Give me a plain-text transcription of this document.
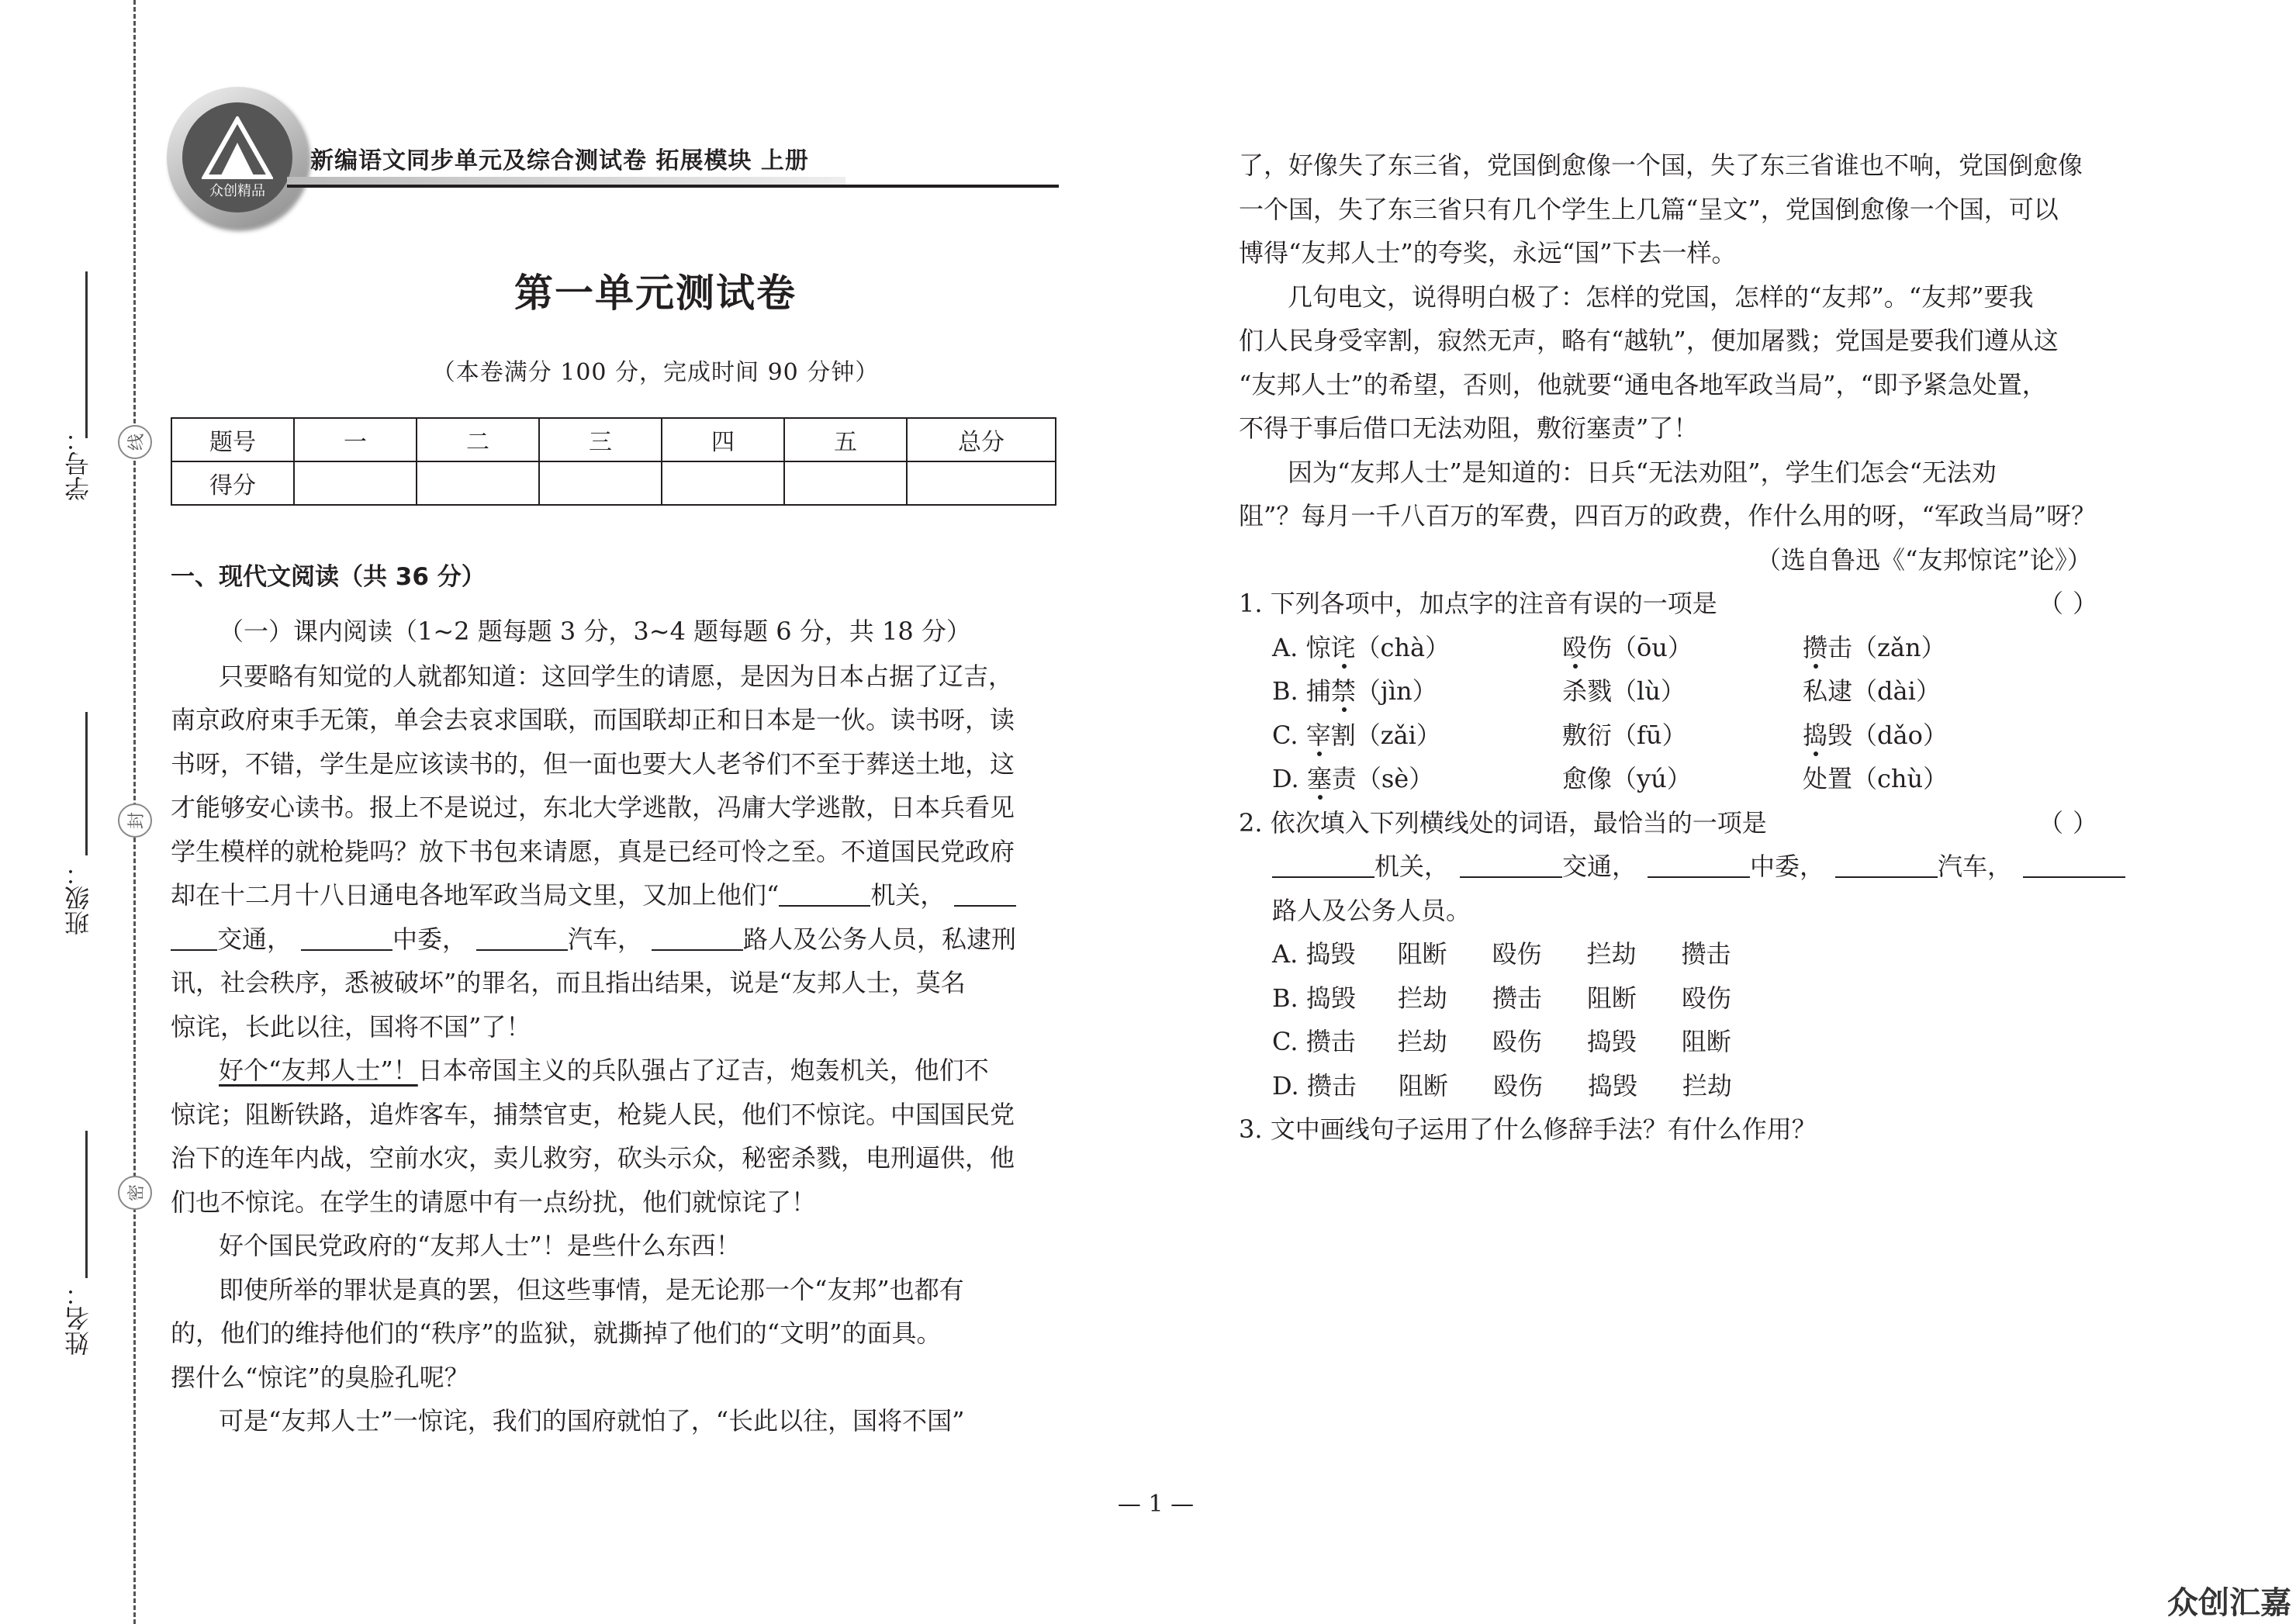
学号：	线
班级：
封
姓名：
密
众创精品
新编语文同步单元及综合测试卷 拓展模块 上册
第一单元测试卷
（本卷满分 100 分，完成时间 90 分钟）
题号	一	二	三	四	五	总分
得分						
一、现代文阅读（共 36 分）
（一）课内阅读（1~2 题每题 3 分，3~4 题每题 6 分，共 18 分）
只要略有知觉的人就都知道：这回学生的请愿，是因为日本占据了辽吉，
南京政府束手无策，单会去哀求国联，而国联却正和日本是一伙。读书呀，读
书呀，不错，学生是应该读书的，但一面也要大人老爷们不至于葬送土地，这
才能够安心读书。报上不是说过，东北大学逃散，冯庸大学逃散，日本兵看见
学生模样的就枪毙吗？放下书包来请愿，真是已经可怜之至。不道国民党政府
却在十二月十八日通电各地军政当局文里，又加上他们“	机关，
交通，	中委，	汽车，	路人及公务人员，私逮刑
讯，社会秩序，悉被破坏”的罪名，而且指出结果，说是“友邦人士，莫名
惊诧，长此以往，国将不国”了！
好个“友邦人士”！日本帝国主义的兵队强占了辽吉，炮轰机关，他们不
惊诧；阻断铁路，追炸客车，捕禁官吏，枪毙人民，他们不惊诧。中国国民党
治下的连年内战，空前水灾，卖儿救穷，砍头示众，秘密杀戮，电刑逼供，他
们也不惊诧。在学生的请愿中有一点纷扰，他们就惊诧了！
好个国民党政府的“友邦人士”！是些什么东西！
即使所举的罪状是真的罢，但这些事情，是无论那一个“友邦”也都有
的，他们的维持他们的“秩序”的监狱，就撕掉了他们的“文明”的面具。
摆什么“惊诧”的臭脸孔呢？
可是“友邦人士”一惊诧，我们的国府就怕了，“长此以往，国将不国”
了，好像失了东三省，党国倒愈像一个国，失了东三省谁也不响，党国倒愈像
一个国，失了东三省只有几个学生上几篇“呈文”，党国倒愈像一个国，可以
博得“友邦人士”的夸奖，永远“国”下去一样。
几句电文，说得明白极了：怎样的党国，怎样的“友邦”。“友邦”要我
们人民身受宰割，寂然无声，略有“越轨”，便加屠戮；党国是要我们遵从这
“友邦人士”的希望，否则，他就要“通电各地军政当局”，“即予紧急处置，
不得于事后借口无法劝阻，敷衍塞责”了！
因为“友邦人士”是知道的：日兵“无法劝阻”，学生们怎会“无法劝
阻”？每月一千八百万的军费，四百万的政费，作什么用的呀，“军政当局”呀？
（选自鲁迅《“友邦惊诧”论》）
1. 下列各项中，加点字的注音有误的一项是	（ ）
A. 惊诧（chà）	殴伤（ōu）	攒击（zǎn）
B. 捕禁（jìn）	杀戮（lù）	私逮（dài）
C. 宰割（zǎi）	敷衍（fū）	捣毁（dǎo）
D. 塞责（sè）	愈像（yú）	处置（chù）
2. 依次填入下列横线处的词语，最恰当的一项是	（ ）
机关，	交通，	中委，	汽车，
路人及公务人员。
A. 捣毁 阻断 殴伤 拦劫 攒击
B. 捣毁 拦劫 攒击 阻断 殴伤
C. 攒击 拦劫 殴伤 捣毁 阻断
D. 攒击 阻断 殴伤 捣毁 拦劫
3. 文中画线句子运用了什么修辞手法？有什么作用？
— 1 —
众创汇嘉
